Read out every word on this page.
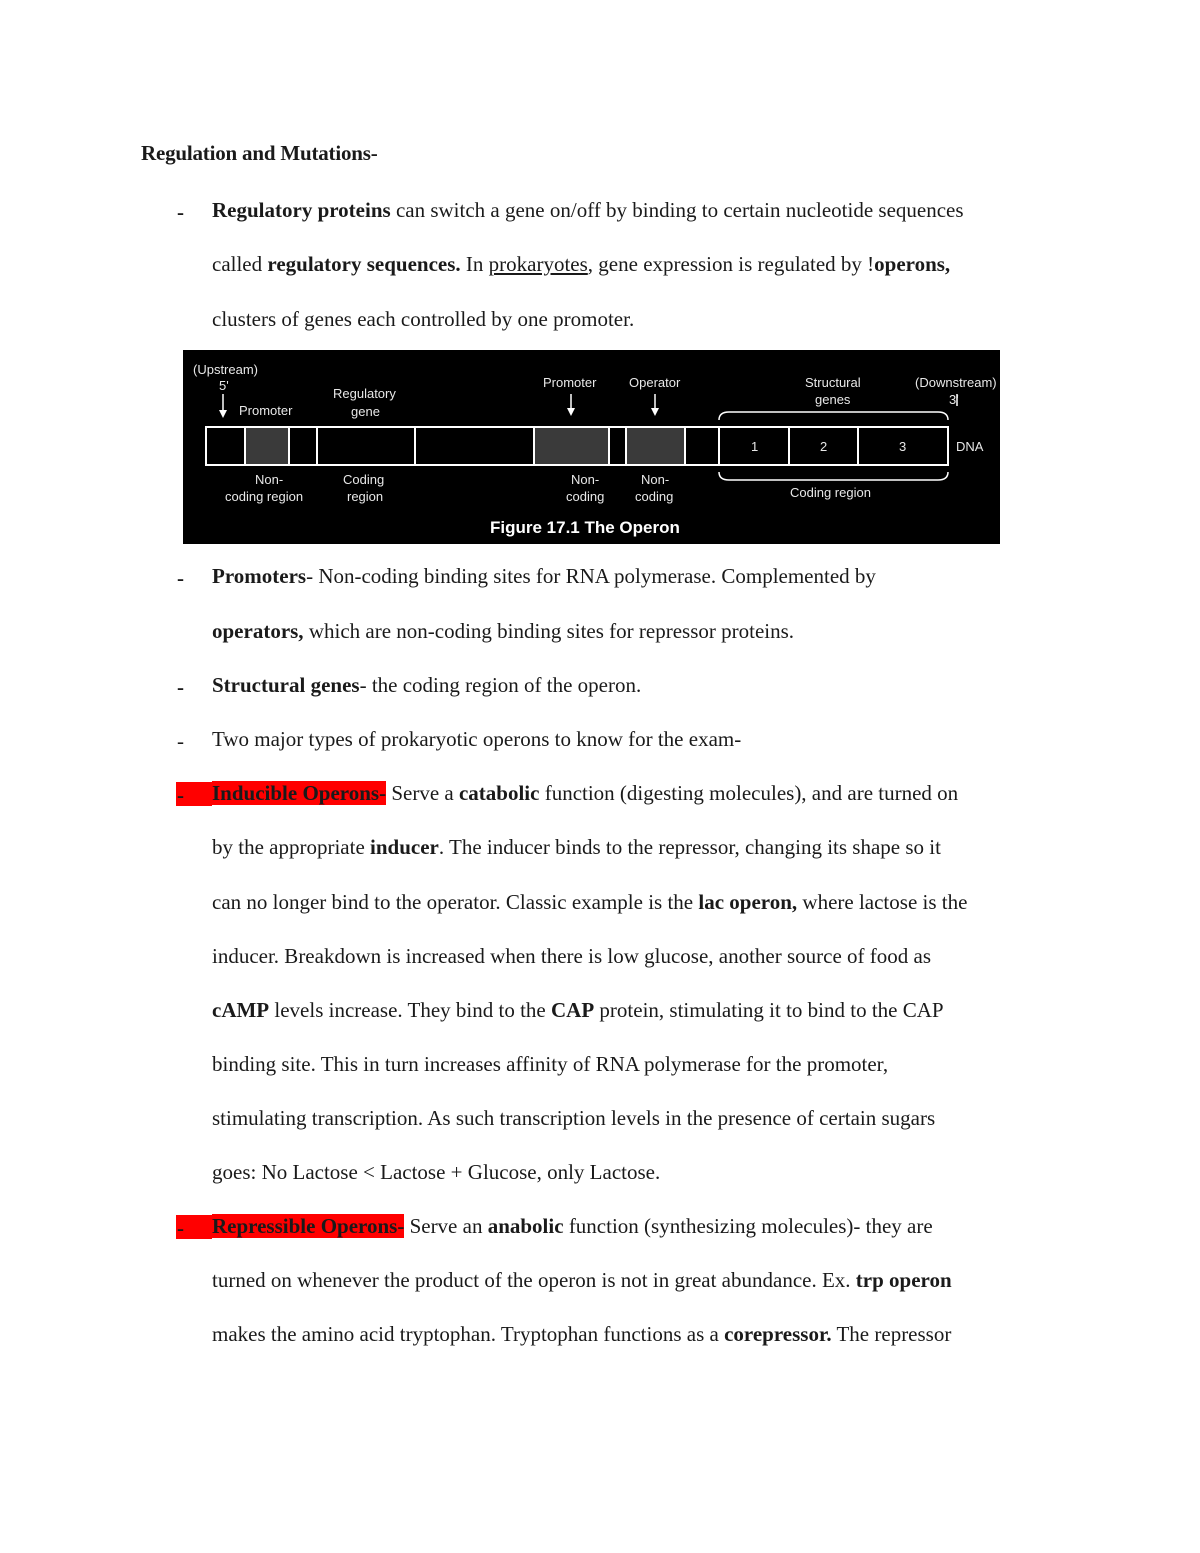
Regulation and Mutations-
- Regulatory proteins can switch a gene on/off by binding to certain nucleotide sequences
called regulatory sequences. In prokaryotes, gene expression is regulated by !operons,
clusters of genes each controlled by one promoter.
(Upstream)
5'
Promoter
Regulatory
gene
Promoter	Operator	Structural
genes
(Downstream)
3'
DNA
1	2	3
Non-
coding region
Coding
region
Non-
coding
Non-
coding	Coding region
Figure 17.1 The Operon
- Promoters- Non-coding binding sites for RNA polymerase. Complemented by
operators, which are non-coding binding sites for repressor proteins.
- Structural genes- the coding region of the operon.
- Two major types of prokaryotic operons to know for the exam-
- Inducible Operons- Serve a catabolic function (digesting molecules), and are turned on
by the appropriate inducer. The inducer binds to the repressor, changing its shape so it
can no longer bind to the operator. Classic example is the lac operon, where lactose is the
inducer. Breakdown is increased when there is low glucose, another source of food as
cAMP levels increase. They bind to the CAP protein, stimulating it to bind to the CAP
binding site. This in turn increases affinity of RNA polymerase for the promoter,
stimulating transcription. As such transcription levels in the presence of certain sugars
goes: No Lactose < Lactose + Glucose, only Lactose.
- Repressible Operons- Serve an anabolic function (synthesizing molecules)- they are
turned on whenever the product of the operon is not in great abundance. Ex. trp operon
makes the amino acid tryptophan. Tryptophan functions as a corepressor. The repressor
